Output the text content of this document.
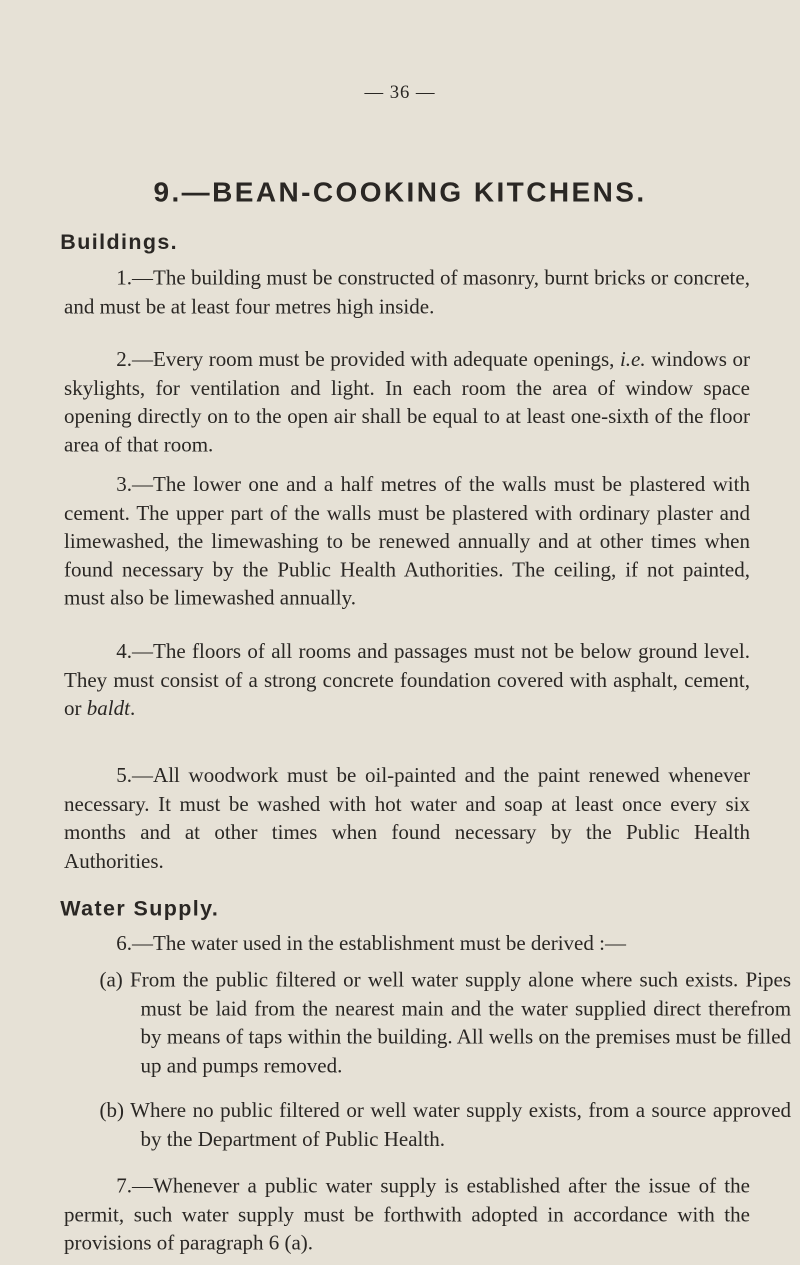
— 36 —
9.—BEAN-COOKING KITCHENS.
Buildings.

1.—The building must be constructed of masonry, burnt bricks or concrete, and must be at least four metres high inside.

2.—Every room must be provided with adequate openings, i.e. windows or skylights, for ventilation and light. In each room the area of window space opening directly on to the open air shall be equal to at least one-sixth of the floor area of that room.

3.—The lower one and a half metres of the walls must be plastered with cement. The upper part of the walls must be plastered with ordinary plaster and limewashed, the limewashing to be renewed annually and at other times when found necessary by the Public Health Authorities. The ceiling, if not painted, must also be limewashed annually.

4.—The floors of all rooms and passages must not be below ground level. They must consist of a strong concrete foundation covered with asphalt, cement, or baldt.

5.—All woodwork must be oil-painted and the paint renewed whenever necessary. It must be washed with hot water and soap at least once every six months and at other times when found necessary by the Public Health Authorities.

Water Supply.

6.—The water used in the establishment must be derived :—

(a) From the public filtered or well water supply alone where such exists. Pipes must be laid from the nearest main and the water supplied direct therefrom by means of taps within the building. All wells on the premises must be filled up and pumps removed.

(b) Where no public filtered or well water supply exists, from a source approved by the Department of Public Health.

7.—Whenever a public water supply is established after the issue of the permit, such water supply must be forthwith adopted in accordance with the provisions of paragraph 6 (a).
